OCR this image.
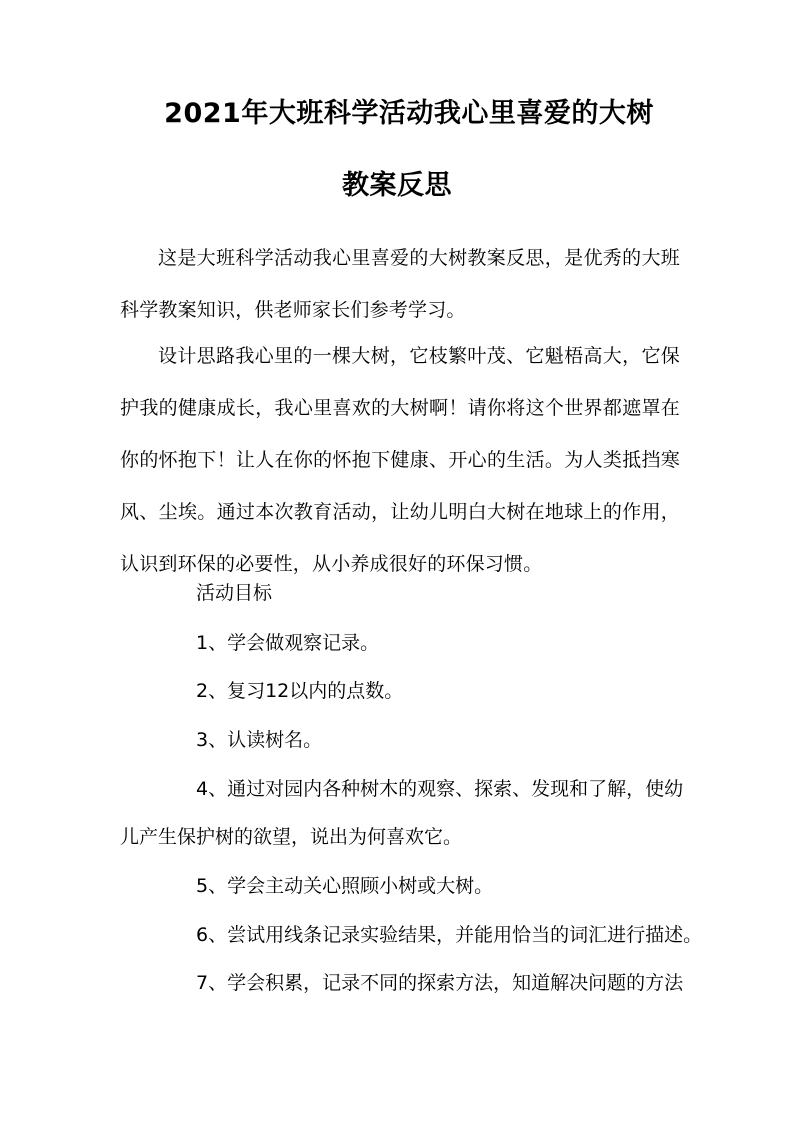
2021年大班科学活动我心里喜爱的大树
教案反思
这是大班科学活动我心里喜爱的大树教案反思，是优秀的大班科学教案知识，供老师家长们参考学习。
设计思路我心里的一棵大树，它枝繁叶茂、它魁梧高大，它保护我的健康成长，我心里喜欢的大树啊！请你将这个世界都遮罩在你的怀抱下！让人在你的怀抱下健康、开心的生活。为人类抵挡寒风、尘埃。通过本次教育活动，让幼儿明白大树在地球上的作用，认识到环保的必要性，从小养成很好的环保习惯。
活动目标
1、学会做观察记录。
2、复习12以内的点数。
3、认读树名。
4、通过对园内各种树木的观察、探索、发现和了解，使幼
儿产生保护树的欲望，说出为何喜欢它。
5、学会主动关心照顾小树或大树。
6、尝试用线条记录实验结果，并能用恰当的词汇进行描述。
7、学会积累，记录不同的探索方法，知道解决问题的方法
